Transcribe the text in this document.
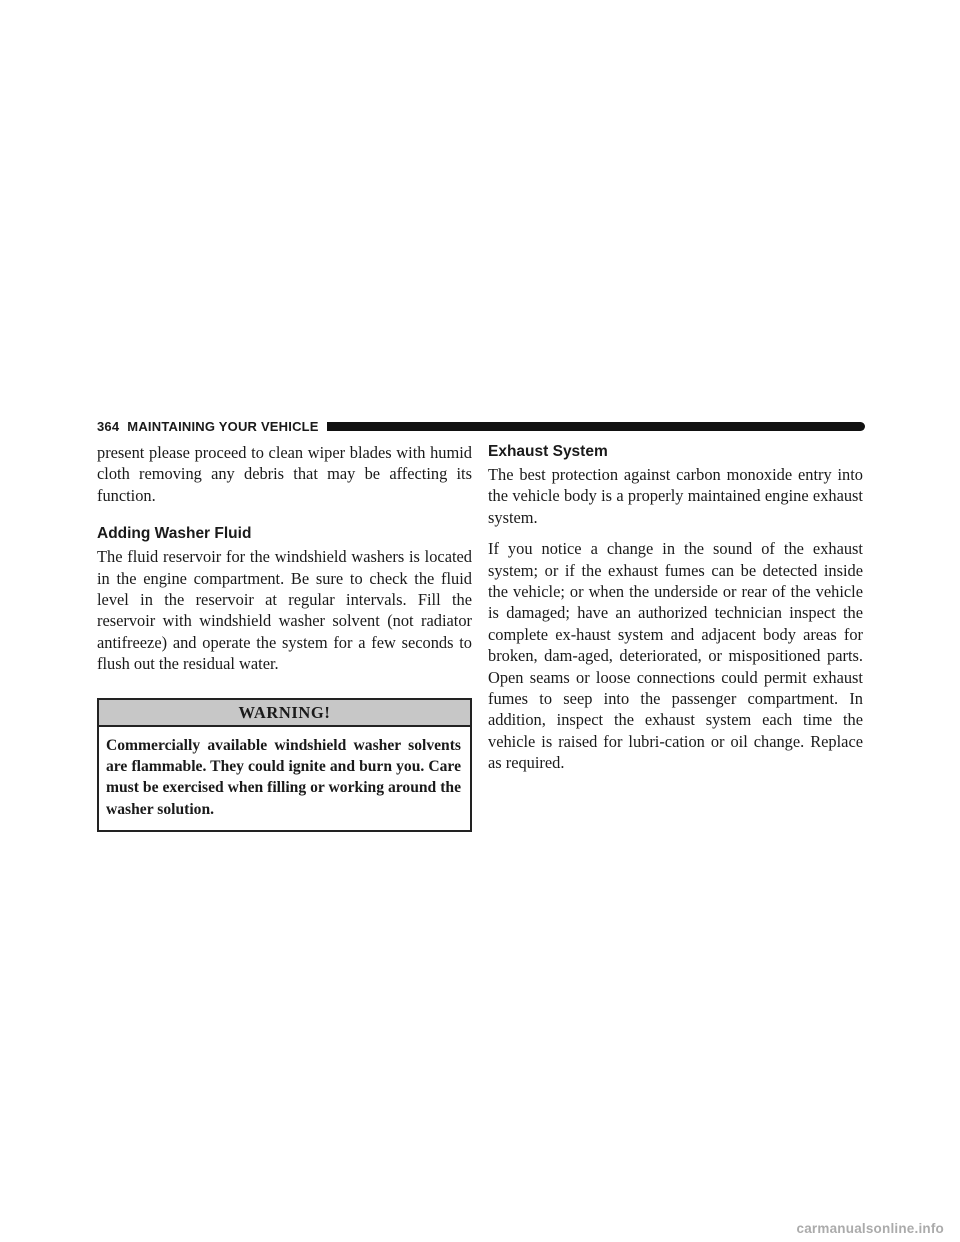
364 MAINTAINING YOUR VEHICLE

present please proceed to clean wiper blades with humid cloth removing any debris that may be affecting its function.

Adding Washer Fluid

The fluid reservoir for the windshield washers is located in the engine compartment. Be sure to check the fluid level in the reservoir at regular intervals. Fill the reservoir with windshield washer solvent (not radiator antifreeze) and operate the system for a few seconds to flush out the residual water.

WARNING!
Commercially available windshield washer solvents are flammable. They could ignite and burn you. Care must be exercised when filling or working around the washer solution.
Exhaust System

The best protection against carbon monoxide entry into the vehicle body is a properly maintained engine exhaust system.

If you notice a change in the sound of the exhaust system; or if the exhaust fumes can be detected inside the vehicle; or when the underside or rear of the vehicle is damaged; have an authorized technician inspect the complete ex-haust system and adjacent body areas for broken, dam-aged, deteriorated, or mispositioned parts. Open seams or loose connections could permit exhaust fumes to seep into the passenger compartment. In addition, inspect the exhaust system each time the vehicle is raised for lubri-cation or oil change. Replace as required.

carmanualsonline.info
